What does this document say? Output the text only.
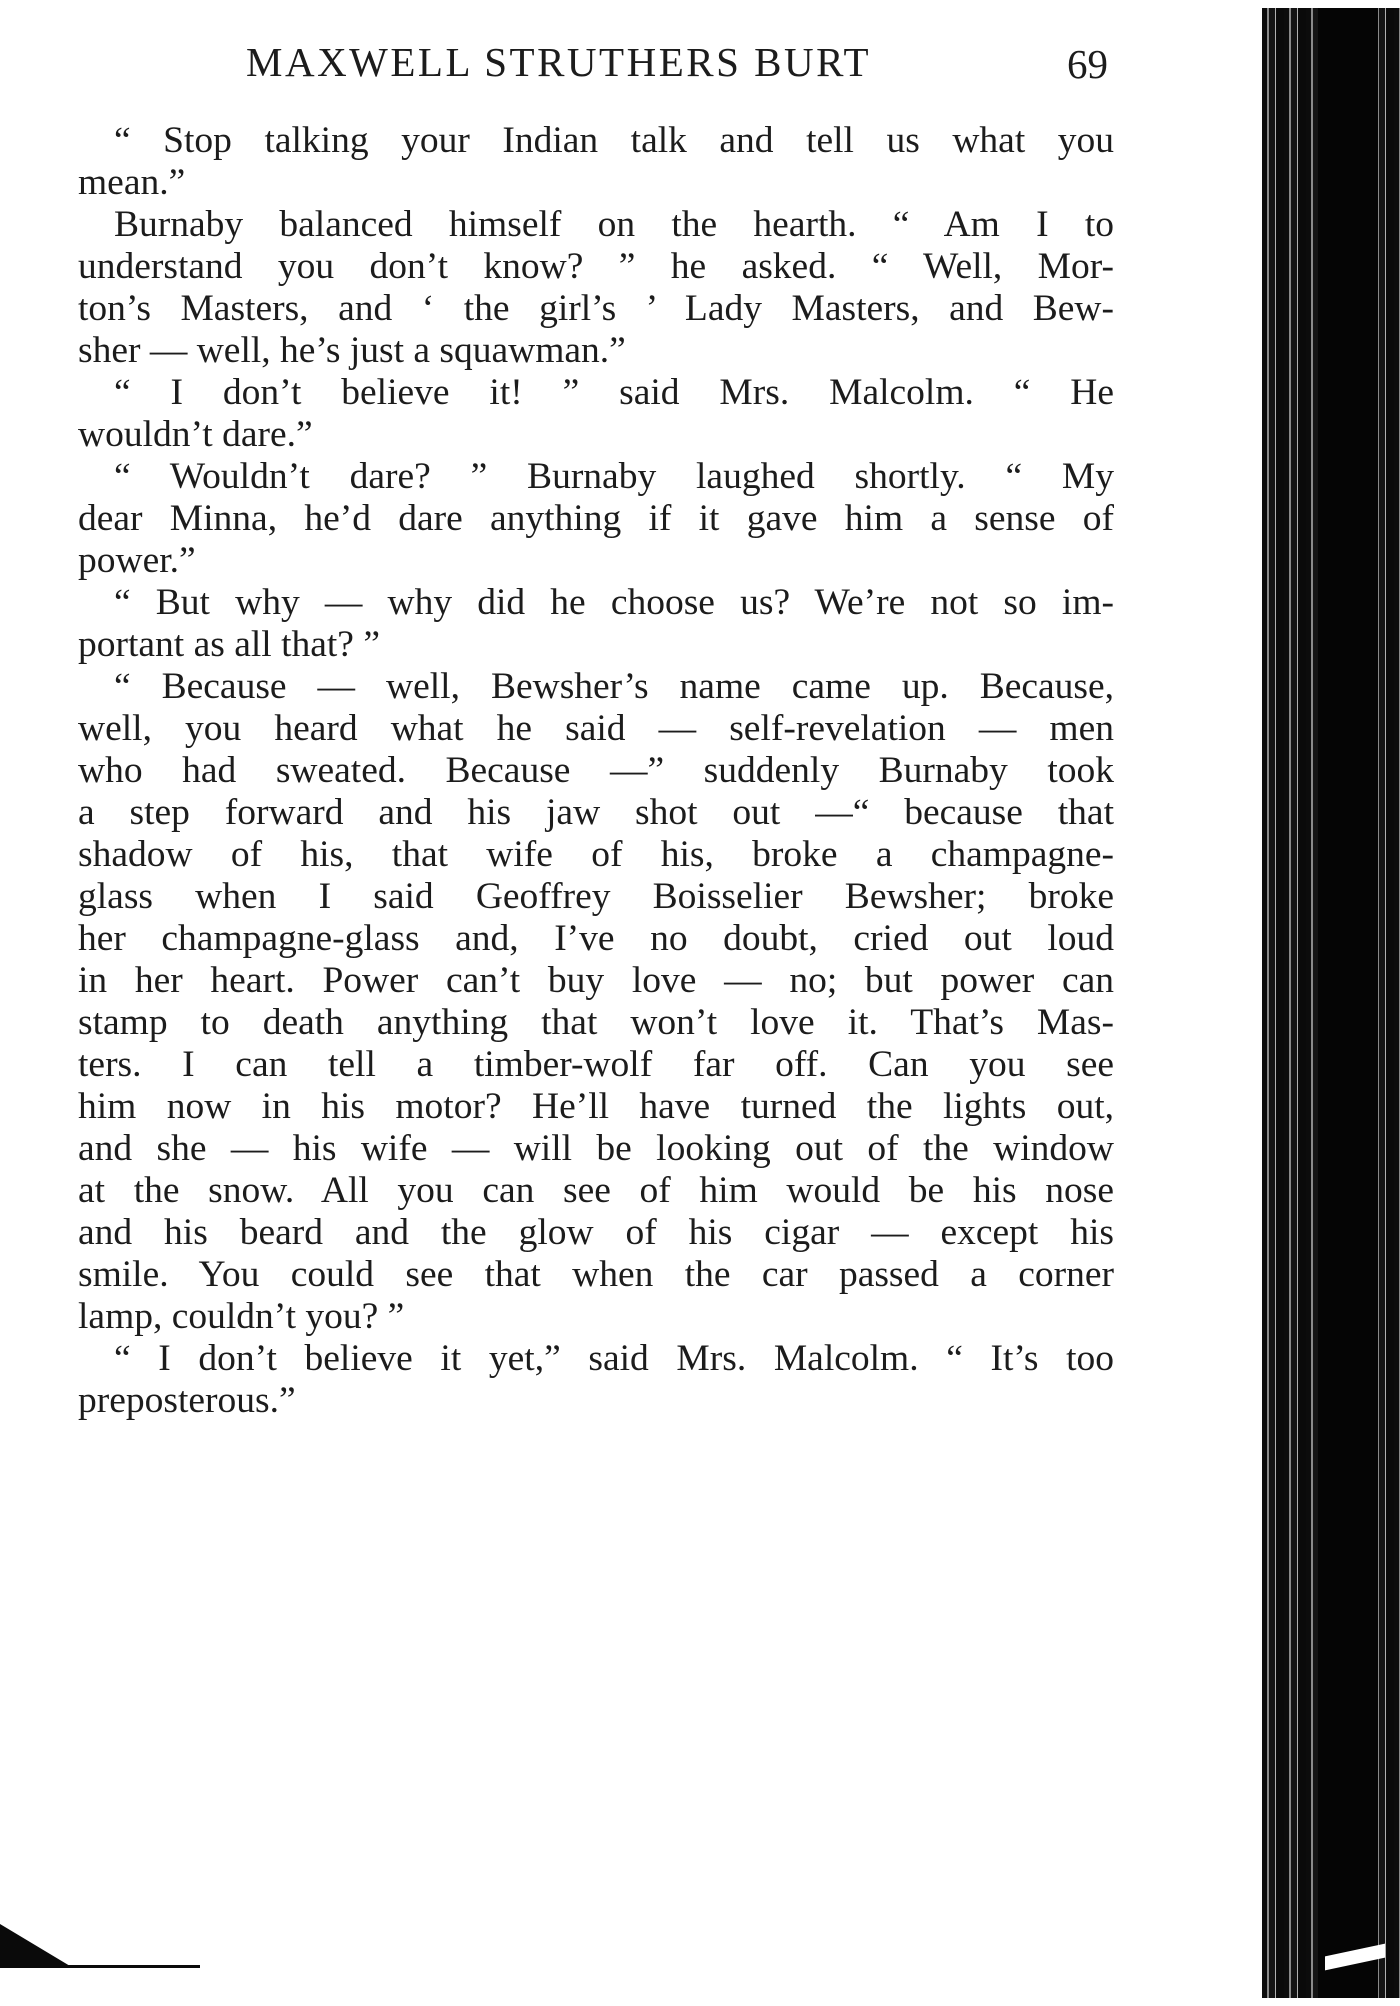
MAXWELL STRUTHERS BURT	69
“ Stop talking your Indian talk and tell us what you
mean.”
Burnaby balanced himself on the hearth. “ Am I to
understand you don’t know? ” he asked. “ Well, Mor-
ton’s Masters, and ‘ the girl’s ’ Lady Masters, and Bew-
sher — well, he’s just a squawman.”
“ I don’t believe it! ” said Mrs. Malcolm. “ He
wouldn’t dare.”
“ Wouldn’t dare? ” Burnaby laughed shortly. “ My
dear Minna, he’d dare anything if it gave him a sense of
power.”
“ But why — why did he choose us? We’re not so im-
portant as all that? ”
“ Because — well, Bewsher’s name came up. Because,
well, you heard what he said — self-revelation — men
who had sweated. Because —” suddenly Burnaby took
a step forward and his jaw shot out —“ because that
shadow of his, that wife of his, broke a champagne-
glass when I said Geoffrey Boisselier Bewsher; broke
her champagne-glass and, I’ve no doubt, cried out loud
in her heart. Power can’t buy love — no; but power can
stamp to death anything that won’t love it. That’s Mas-
ters. I can tell a timber-wolf far off. Can you see
him now in his motor? He’ll have turned the lights out,
and she — his wife — will be looking out of the window
at the snow. All you can see of him would be his nose
and his beard and the glow of his cigar — except his
smile. You could see that when the car passed a corner
lamp, couldn’t you? ”
“ I don’t believe it yet,” said Mrs. Malcolm. “ It’s too
preposterous.”
